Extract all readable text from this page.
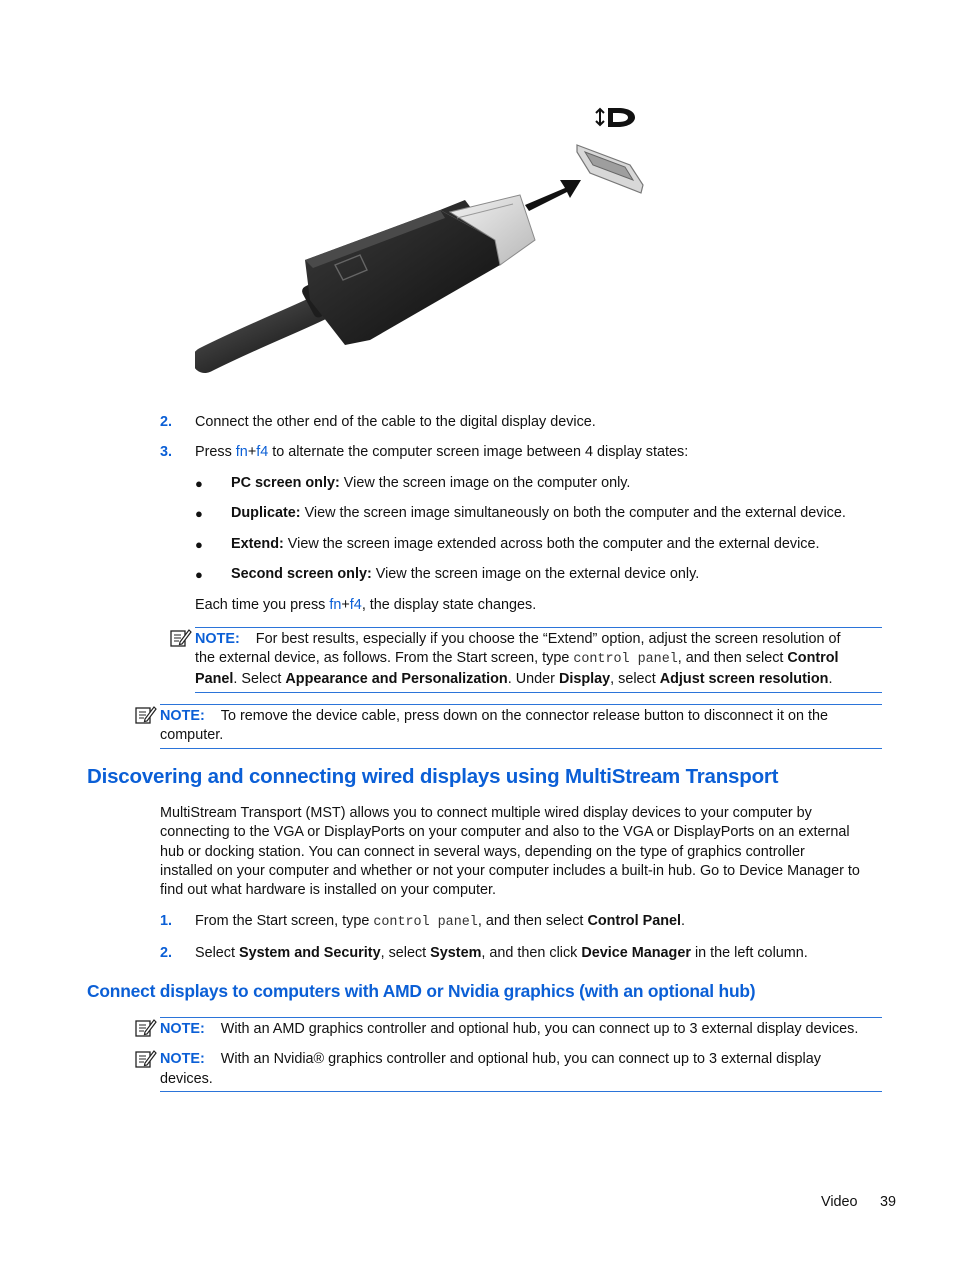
2. Connect the other end of the cable to the digital display device.
3. Press fn+f4 to alternate the computer screen image between 4 display states:
● PC screen only: View the screen image on the computer only.
● Duplicate: View the screen image simultaneously on both the computer and the external device.
● Extend: View the screen image extended across both the computer and the external device.
● Second screen only: View the screen image on the external device only.
Each time you press fn+f4, the display state changes.
NOTE: For best results, especially if you choose the “Extend” option, adjust the screen resolution of
the external device, as follows. From the Start screen, type control panel, and then select Control
Panel. Select Appearance and Personalization. Under Display, select Adjust screen resolution.
NOTE: To remove the device cable, press down on the connector release button to disconnect it on the
computer.
Discovering and connecting wired displays using MultiStream Transport
MultiStream Transport (MST) allows you to connect multiple wired display devices to your computer by
connecting to the VGA or DisplayPorts on your computer and also to the VGA or DisplayPorts on an external
hub or docking station. You can connect in several ways, depending on the type of graphics controller
installed on your computer and whether or not your computer includes a built-in hub. Go to Device Manager to
find out what hardware is installed on your computer.
1. From the Start screen, type control panel, and then select Control Panel.
2. Select System and Security, select System, and then click Device Manager in the left column.
Connect displays to computers with AMD or Nvidia graphics (with an optional hub)
NOTE: With an AMD graphics controller and optional hub, you can connect up to 3 external display devices.
NOTE: With an Nvidia® graphics controller and optional hub, you can connect up to 3 external display
devices.
Video 39
